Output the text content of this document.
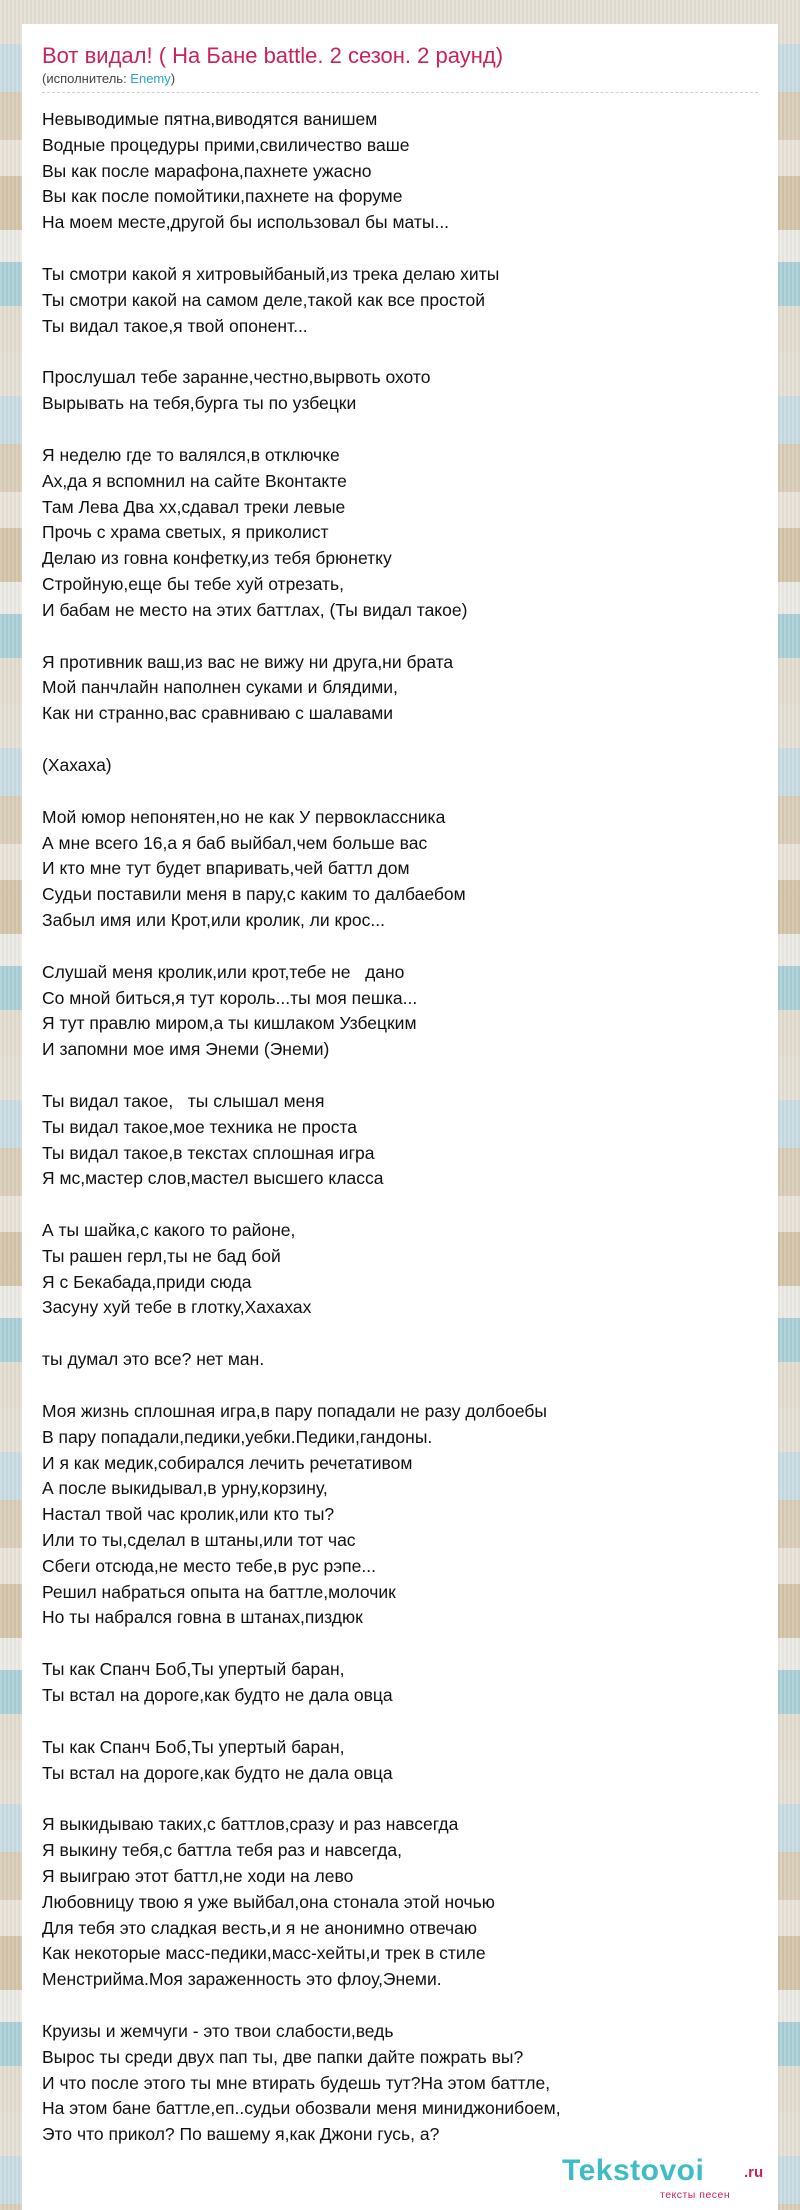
Вот видал! ( На Бане battle. 2 сезон. 2 раунд)
(исполнитель: Enemy)
Невыводимые пятна,виводятся ванишем
Водные процедуры прими,свиличество ваше
Вы как после марафона,пахнете ужасно
Вы как после помойтики,пахнете на форуме
На моем месте,другой бы использовал бы маты...
Ты смотри какой я хитровыйбаный,из трека делаю хиты
Ты смотри какой на самом деле,такой как все простой
Ты видал такое,я твой опонент...
Прослушал тебе заранне,честно,вырвоть охото
Вырывать на тебя,бурга ты по узбецки
Я неделю где то валялся,в отключке
Ах,да я вспомнил на сайте Вконтакте
Там Лева Два хх,сдавал треки левые
Прочь с храма светых, я приколист
Делаю из говна конфетку,из тебя брюнетку
Стройную,еще бы тебе хуй отрезать,
И бабам не место на этих баттлах, (Ты видал такое)
Я противник ваш,из вас не вижу ни друга,ни брата
Мой панчлайн наполнен суками и блядими,
Как ни странно,вас сравниваю с шалавами
(Хахаха)
Мой юмор непонятен,но не как У первоклассника
А мне всего 16,а я баб выйбал,чем больше вас
И кто мне тут будет впаривать,чей баттл дом
Судьи поставили меня в пару,с каким то далбаебом
Забыл имя или Крот,или кролик, ли крос...
Слушай меня кролик,или крот,тебе не   дано
Со мной биться,я тут король...ты моя пешка...
Я тут правлю миром,а ты кишлаком Узбецким
И запомни мое имя Энеми (Энеми)
Ты видал такое,   ты слышал меня
Ты видал такое,мое техника не проста
Ты видал такое,в текстах сплошная игра
Я мс,мастер слов,мастел высшего класса
А ты шайка,с какого то районе,
Ты рашен герл,ты не бад бой
Я с Бекабада,приди сюда
Засуну хуй тебе в глотку,Хахахах
ты думал это все? нет ман.
Моя жизнь сплошная игра,в пару попадали не разу долбоебы
В пару попадали,педики,уебки.Педики,гандоны.
И я как медик,собирался лечить речетативом
А после выкидывал,в урну,корзину,
Настал твой час кролик,или кто ты?
Или то ты,сделал в штаны,или тот час
Сбеги отсюда,не место тебе,в рус рэпе...
Решил набраться опыта на баттле,молочик
Но ты набрался говна в штанах,пиздюк
Ты как Спанч Боб,Ты упертый баран,
Ты встал на дороге,как будто не дала овца
Ты как Спанч Боб,Ты упертый баран,
Ты встал на дороге,как будто не дала овца
Я выкидываю таких,с баттлов,сразу и раз навсегда
Я выкину тебя,с баттла тебя раз и навсегда,
Я выиграю этот баттл,не ходи на лево
Любовницу твою я уже выйбал,она стонала этой ночью
Для тебя это сладкая весть,и я не анонимно отвечаю
Как некоторые масс-педики,масс-хейты,и трек в стиле
Менстриймa.Моя зараженность это флоу,Энеми.
Круизы и жемчуги - это твои слабости,ведь
Вырос ты среди двух пап ты, две папки дайте пожрать вы?
И что после этого ты мне втирать будешь тут?На этом баттле,
На этом бане баттле,еп..судьи обозвали меня миниджонибоем,
Это что прикол? По вашему я,как Джони гусь, а?
Tekstovoi	.ru
тексты песен
